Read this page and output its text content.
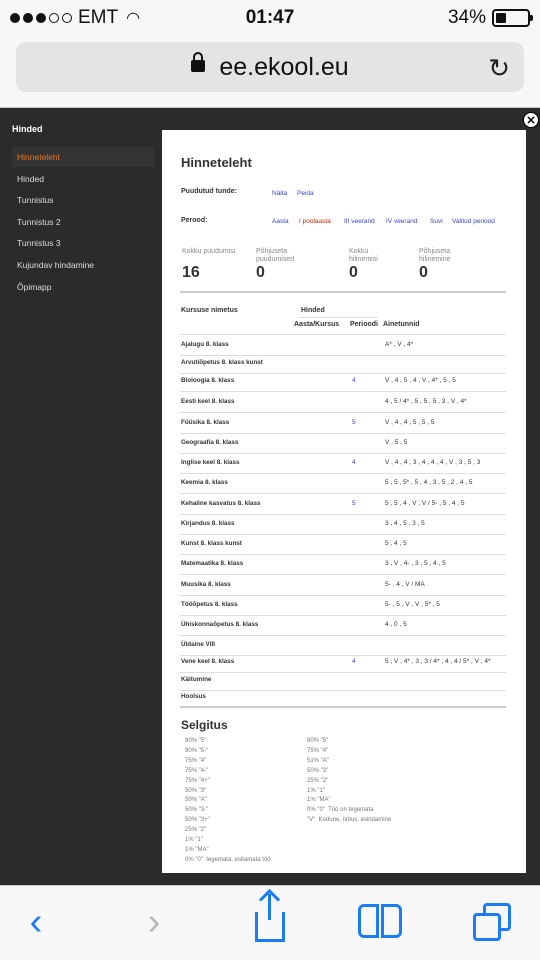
EMT ◠	01:47	34%
ee.ekool.eu	↻
Hinded
Hinneteleht
Hinded
Tunnistus
Tunnistus 2
Tunnistus 3
Kujundav hindamine
Õpimapp
✕
Hinneteleht
Puudutud tunde:	Näita Peida
Perood:	Aasta I poolaasta III veerand IV veerand Suvi Valitud periood
Kokku puudumisi
16
Põhjuseta puudumised
0
Kokku hilinemisi
0
Põhjuseta hilinemine
0
Kursuse nimetus	Hinded
Aasta/Kursus Perioodi Ainetunnid
Ajalugu 8. klass	A* , V , 4*
Arvutiõpetus 8. klass kunst
Bioloogia 8. klass	4	V , 4 , 5 , 4 , V , 4* , 5 , 5
Eesti keel 8. klass	4 , 5 / 4* , 5 , 5 , 5 , 3 , V , 4*
Füüsika 8. klass	5	V , 4 , 4 , 5 , 5 , 5
Geograafia 8. klass	V , 5 , 5
Inglise keel 8. klass	4	V , 4 , 4 , 3 , 4 , 4 , 4 , V , 3 , 5 , 3
Keemia 8. klass	5 , 5 , 5* , 5 , 4 , 3 , 5 , 2 , 4 , 5
Kehaline kasvatus 8. klass	5	5 , 5 , 4 , V , V / 5- , 5 , 4 , 5
Kirjandus 8. klass	3 , 4 , 5 , 3 , 5
Kunst 8. klass kunst	5 , 4 , 5
Matemaatika 8. klass	3 , V , 4- , 3 , 5 , 4 , 5
Muusika 8. klass	5- , 4 , V / MA
Tööõpetus 8. klass	5- , 5 , V , V , 5* , 5
Ühiskonnaõpetus 8. klass	4 , 0 , 5
Üldaine VIII
Vene keel 8. klass	4	5 , V , 4* , 3 , 3 / 4* , 4 , 4 / 5* , V , 4*
Käitumine
Hoolsus
Selgitus
90% "5"
90% "5-"
75% "4"
75% "4-"
75% "4+"
50% "3"
50% "A"
50% "3-"
50% "3+"
25% "2"
1% "1"
1% "MA"
0% "0"  tegemata, esitamata töö
90% "5"
75% "4"
51% "A"
50% "3"
25% "2"
1% "1"
1% "MA"
0% "0"  Töö on tegemata
"V"  Kodune, üritus, esindamine
‹	›
